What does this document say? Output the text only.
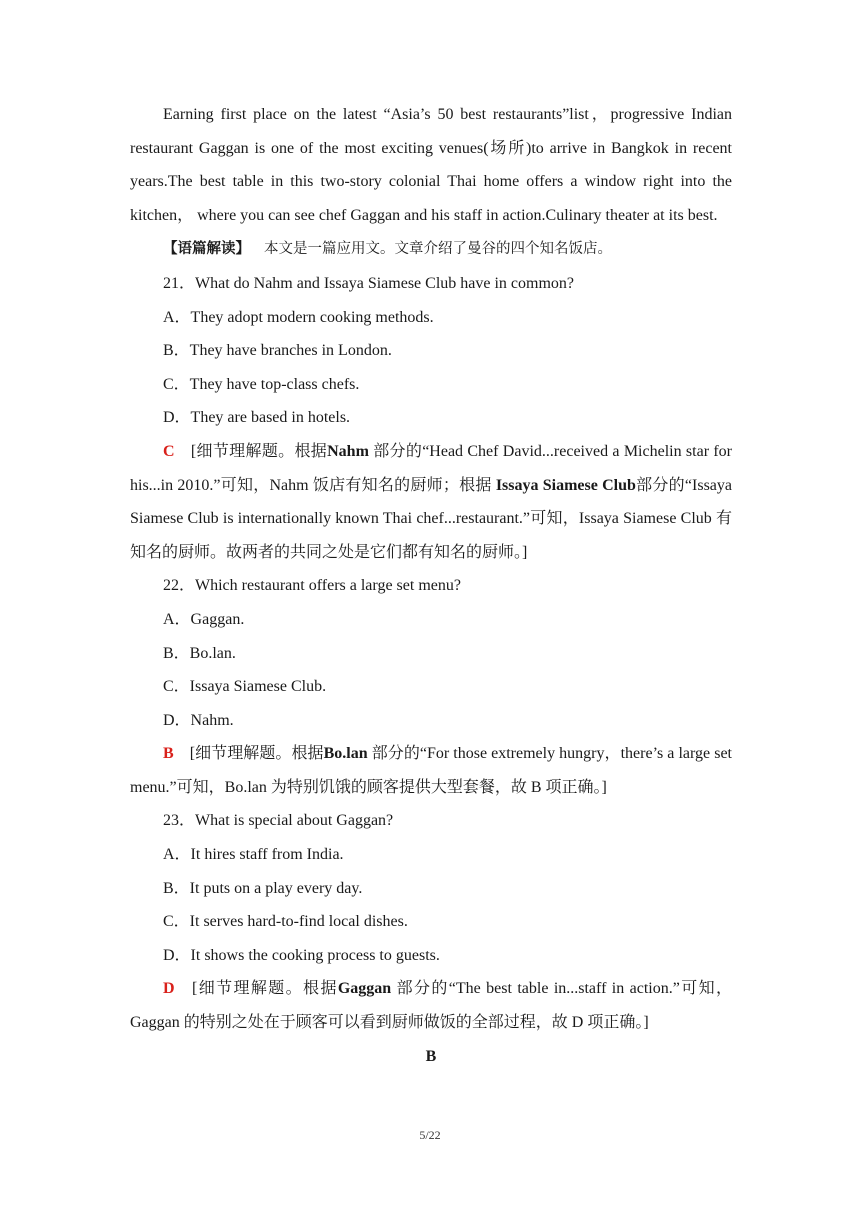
Earning first place on the latest “Asia’s 50 best restaurants”list，progressive Indian restaurant Gaggan is one of the most exciting venues(场所)to arrive in Bangkok in recent years.The best table in this two-story colonial Thai home offers a window right into the kitchen， where you can see chef Gaggan and his staff in action.Culinary theater at its best.

【语篇解读】 本文是一篇应用文。文章介绍了曼谷的四个知名饭店。

21．What do Nahm and Issaya Siamese Club have in common?

A．They adopt modern cooking methods.

B．They have branches in London.

C．They have top-class chefs.

D．They are based in hotels.

C [细节理解题。根据Nahm 部分的“Head Chef David...received a Michelin star for his...in 2010.”可知，Nahm 饭店有知名的厨师；根据 Issaya Siamese Club部分的“Issaya Siamese Club is internationally known Thai chef...restaurant.”可知，Issaya Siamese Club 有知名的厨师。故两者的共同之处是它们都有知名的厨师。]

22．Which restaurant offers a large set menu?

A．Gaggan.

B．Bo.lan.

C．Issaya Siamese Club.

D．Nahm.

B [细节理解题。根据Bo.lan 部分的“For those extremely hungry，there’s a large set menu.”可知，Bo.lan 为特别饥饿的顾客提供大型套餐，故 B 项正确。]

23．What is special about Gaggan?

A．It hires staff from India.

B．It puts on a play every day.

C．It serves hard-to-find local dishes.

D．It shows the cooking process to guests.

D [细节理解题。根据Gaggan 部分的“The best table in...staff in action.”可知，Gaggan 的特别之处在于顾客可以看到厨师做饭的全部过程，故 D 项正确。]

B

5/22
